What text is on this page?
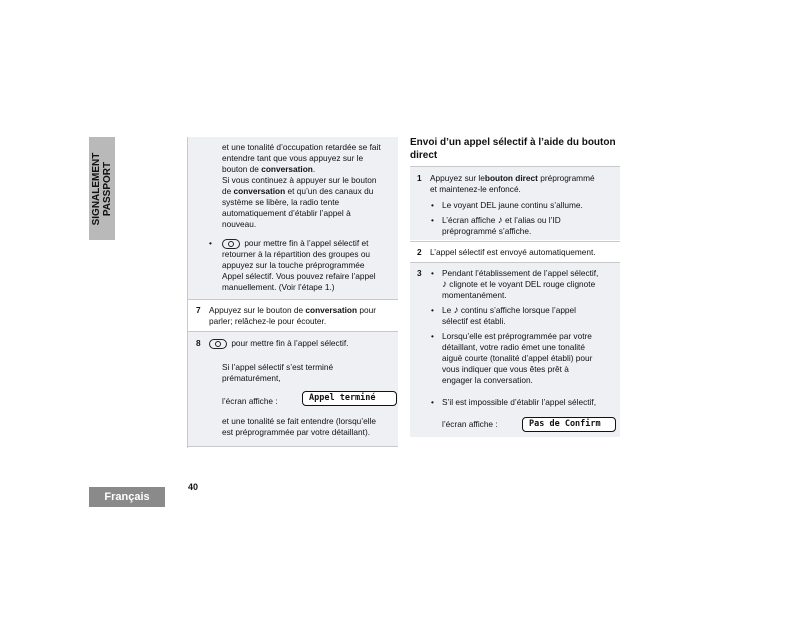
SIGNALEMENT
PASSPORT
Français
40
et une tonalité d’occupation retardée se fait
entendre tant que vous appuyez sur le
bouton de conversation.
Si vous continuez à appuyer sur le bouton
de conversation et qu’un des canaux du
système se libère, la radio tente
automatiquement d’établir l’appel à
nouveau.
•	pour mettre fin à l’appel sélectif et
retourner à la répartition des groupes ou
appuyez sur la touche préprogrammée
Appel sélectif. Vous pouvez refaire l’appel
manuellement. (Voir l’étape 1.)
7 Appuyez sur le bouton de conversation pour
parler; relâchez-le pour écouter.
8	pour mettre fin à l’appel sélectif.
Si l’appel sélectif s’est terminé
prématurément,
l’écran affiche :	Appel terminé
et une tonalité se fait entendre (lorsqu’elle
est préprogrammée par votre détaillant).
Envoi d’un appel sélectif à l’aide du bouton direct
1 Appuyez sur lebouton direct préprogrammé
et maintenez-le enfoncé.
• Le voyant DEL jaune continu s’allume.
• L’écran affiche ♪ et l’alias ou l’ID
préprogrammé s’affiche.
2 L’appel sélectif est envoyé automatiquement.
3 • Pendant l’établissement de l’appel sélectif,
♪ clignote et le voyant DEL rouge clignote
momentanément.
• Le ♪ continu s’affiche lorsque l’appel
sélectif est établi.
• Lorsqu’elle est préprogrammée par votre
détaillant, votre radio émet une tonalité
aiguë courte (tonalité d’appel établi) pour
vous indiquer que vous êtes prêt à
engager la conversation.
• S’il est impossible d’établir l’appel sélectif,
l’écran affiche :	Pas de Confirm
